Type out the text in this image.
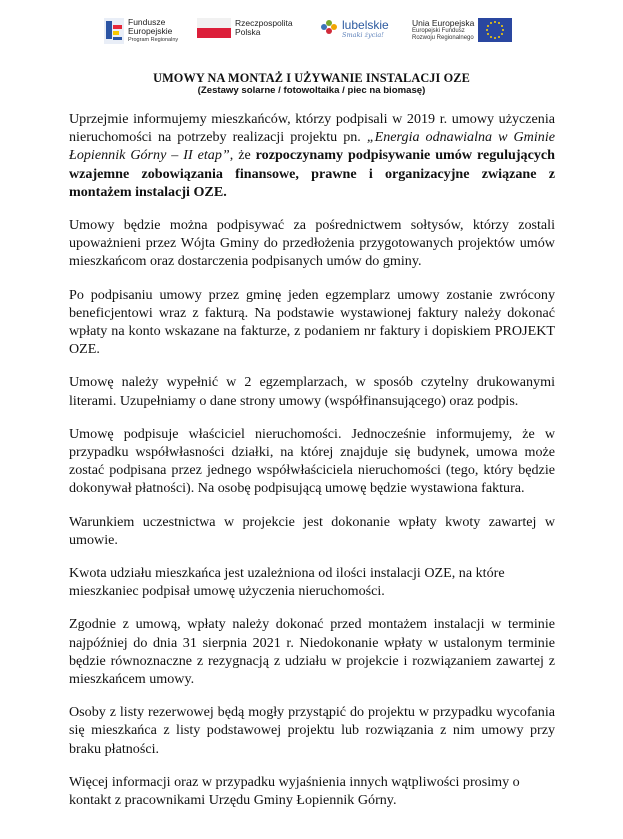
Fundusze
Europejskie
Program Regionalny
Rzeczpospolita
Polska
lubelskie
Smaki życia!
Unia Europejska
Europejski Fundusz
Rozwoju Regionalnego
UMOWY NA MONTAŻ I UŻYWANIE INSTALACJI OZE
(Zestawy solarne / fotowoltaika / piec na biomasę)

Uprzejmie informujemy mieszkańców, którzy podpisali w 2019 r. umowy użyczenia nieruchomości na potrzeby realizacji projektu pn. „Energia odnawialna w Gminie Łopiennik Górny – II etap”, że rozpoczynamy podpisywanie umów regulujących wzajemne zobowiązania finansowe, prawne i organizacyjne związane z montażem instalacji OZE.

Umowy będzie można podpisywać za pośrednictwem sołtysów, którzy zostali upoważnieni przez Wójta Gminy do przedłożenia przygotowanych projektów umów mieszkańcom oraz dostarczenia podpisanych umów do gminy.

Po podpisaniu umowy przez gminę jeden egzemplarz umowy zostanie zwrócony beneficjentowi wraz z fakturą. Na podstawie wystawionej faktury należy dokonać wpłaty na konto wskazane na fakturze, z podaniem nr faktury i dopiskiem PROJEKT OZE.

Umowę należy wypełnić w 2 egzemplarzach, w sposób czytelny drukowanymi literami. Uzupełniamy o dane strony umowy (współfinansującego) oraz podpis.

Umowę podpisuje właściciel nieruchomości. Jednocześnie informujemy, że w przypadku współwłasności działki, na której znajduje się budynek, umowa może zostać podpisana przez jednego współwłaściciela nieruchomości (tego, który będzie dokonywał płatności). Na osobę podpisującą umowę będzie wystawiona faktura.

Warunkiem uczestnictwa w projekcie jest dokonanie wpłaty kwoty zawartej w umowie.

Kwota udziału mieszkańca jest uzależniona od ilości instalacji OZE, na które mieszkaniec podpisał umowę użyczenia nieruchomości.

Zgodnie z umową, wpłaty należy dokonać przed montażem instalacji w terminie najpóźniej do dnia 31 sierpnia 2021 r. Niedokonanie wpłaty w ustalonym terminie będzie równoznaczne z rezygnacją z udziału w projekcie i rozwiązaniem zawartej z mieszkańcem umowy.

Osoby z listy rezerwowej będą mogły przystąpić do projektu w przypadku wycofania się mieszkańca z listy podstawowej projektu lub rozwiązania z nim umowy przy braku płatności.

Więcej informacji oraz w przypadku wyjaśnienia innych wątpliwości prosimy o kontakt z pracownikami Urzędu Gminy Łopiennik Górny.
